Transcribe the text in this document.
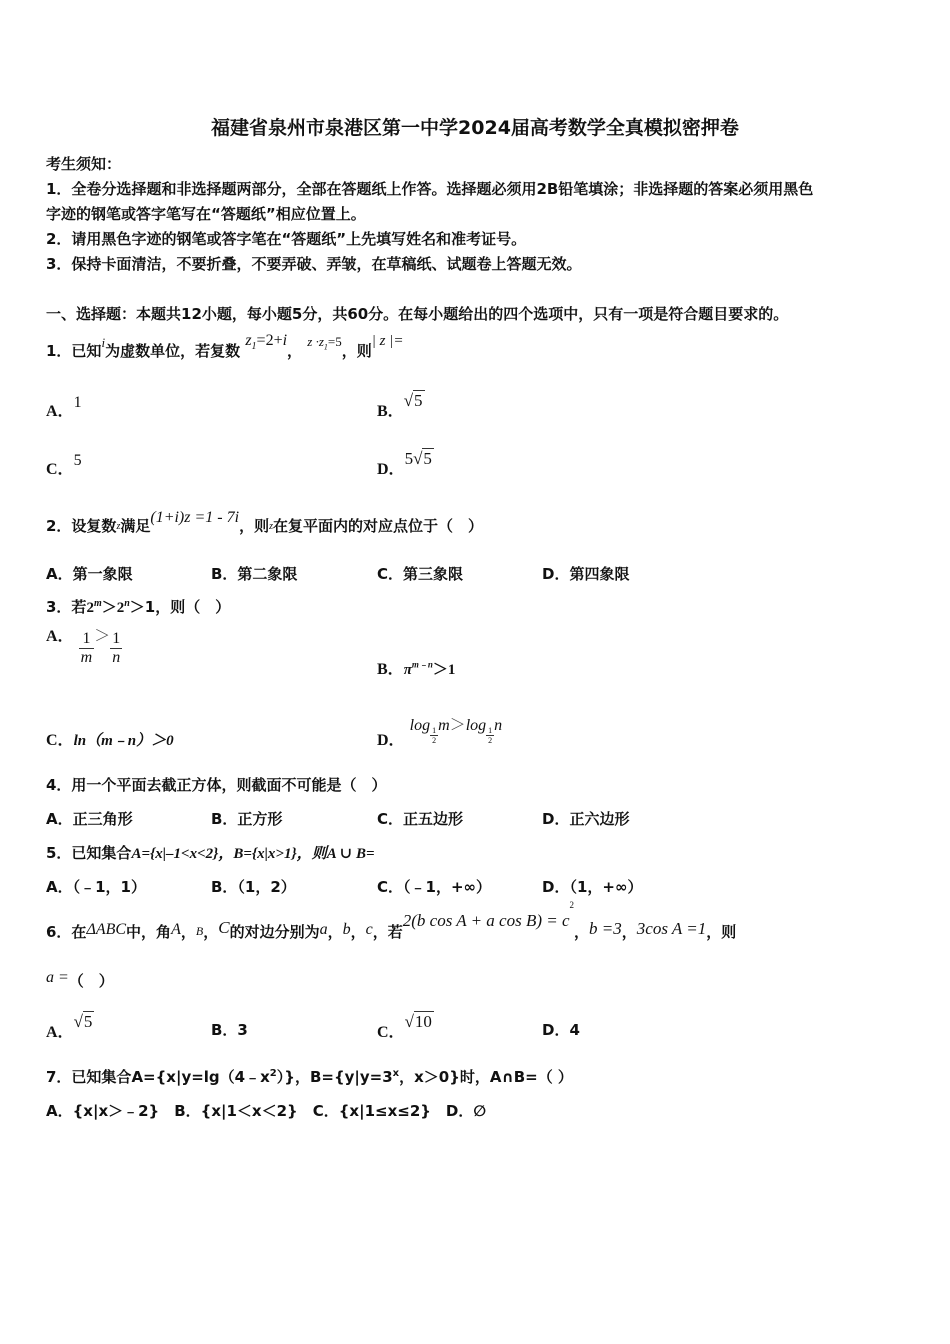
福建省泉州市泉港区第一中学2024届高考数学全真模拟密押卷
考生须知：
1．全卷分选择题和非选择题两部分，全部在答题纸上作答。选择题必须用2B铅笔填涂；非选择题的答案必须用黑色
字迹的钢笔或答字笔写在“答题纸”相应位置上。
2．请用黑色字迹的钢笔或答字笔在“答题纸”上先填写姓名和准考证号。
3．保持卡面清洁，不要折叠，不要弄破、弄皱，在草稿纸、试题卷上答题无效。
一、选择题：本题共12小题，每小题5分，共60分。在每小题给出的四个选项中，只有一项是符合题目要求的。
1．已知i为虚数单位，若复数 $z_1=2+i$， $z \cdot z_1=5$，则| z |=
A．1
B．√5
C．5
D．5√5
2．设复数$_z$满足(1+i)z =1 - 7i，则$_z$在复平面内的对应点位于（　）
A．第一象限	B．第二象限	C．第三象限	D．第四象限
3．若$2^m>2^n>1$，则（　）
A． $\frac{1}{m} > \frac{1}{n}$
B．$\pi^{m﹣n}>1$
C．ln（m﹣n）＞0	D． log
$\frac{1}{2}$
m＞log
$\frac{1}{2}$
n
4．用一个平面去截正方体，则截面不可能是（　）
A．正三角形	B．正方形	C．正五边形	D．正六边形
5．已知集合A={x|–1<x<2}，B={x|x>1}，则A ∪ B=
A．（﹣1，1）	B．（1，2）	C．（﹣1，+∞）	D．（1，+∞）
6．在ΔABC中，角A，$_B$，C的对边分别为a，b，c，若2(b cos A + a $\cos B) = c^2$，b =3，3cos A =1，则
a =（　）
A．√5	B．3	C．√10	D．4
7．已知集合$A=\{x|y=\lg(4﹣x^2)\}$，$B=\{y|y=3^x$，x＞0}时，A∩B=（ ）
A．{x|x＞﹣2}　B．{x|1＜x＜2}　C．{x|1≤x≤2}　D．∅
